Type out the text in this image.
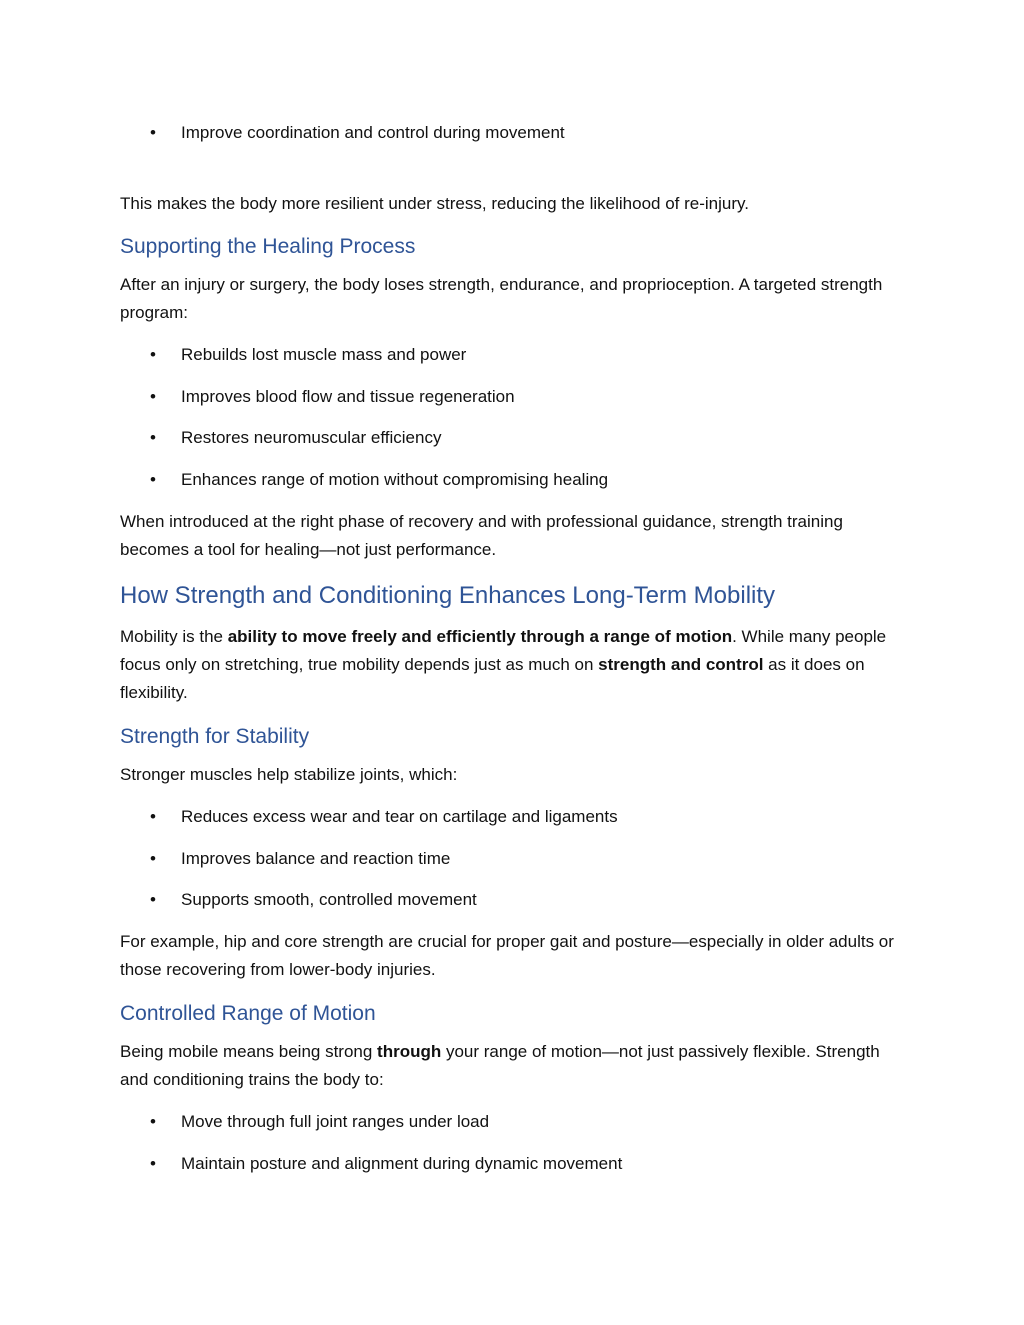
•	Improve coordination and control during movement

This makes the body more resilient under stress, reducing the likelihood of re-injury.

Supporting the Healing Process

After an injury or surgery, the body loses strength, endurance, and proprioception. A targeted strength program:

•	Rebuilds lost muscle mass and power
•	Improves blood flow and tissue regeneration
•	Restores neuromuscular efficiency
•	Enhances range of motion without compromising healing

When introduced at the right phase of recovery and with professional guidance, strength training becomes a tool for healing—not just performance.

How Strength and Conditioning Enhances Long-Term Mobility

Mobility is the ability to move freely and efficiently through a range of motion. While many people focus only on stretching, true mobility depends just as much on strength and control as it does on flexibility.

Strength for Stability

Stronger muscles help stabilize joints, which:

•	Reduces excess wear and tear on cartilage and ligaments
•	Improves balance and reaction time
•	Supports smooth, controlled movement

For example, hip and core strength are crucial for proper gait and posture—especially in older adults or those recovering from lower-body injuries.

Controlled Range of Motion

Being mobile means being strong through your range of motion—not just passively flexible. Strength and conditioning trains the body to:

•	Move through full joint ranges under load
•	Maintain posture and alignment during dynamic movement
